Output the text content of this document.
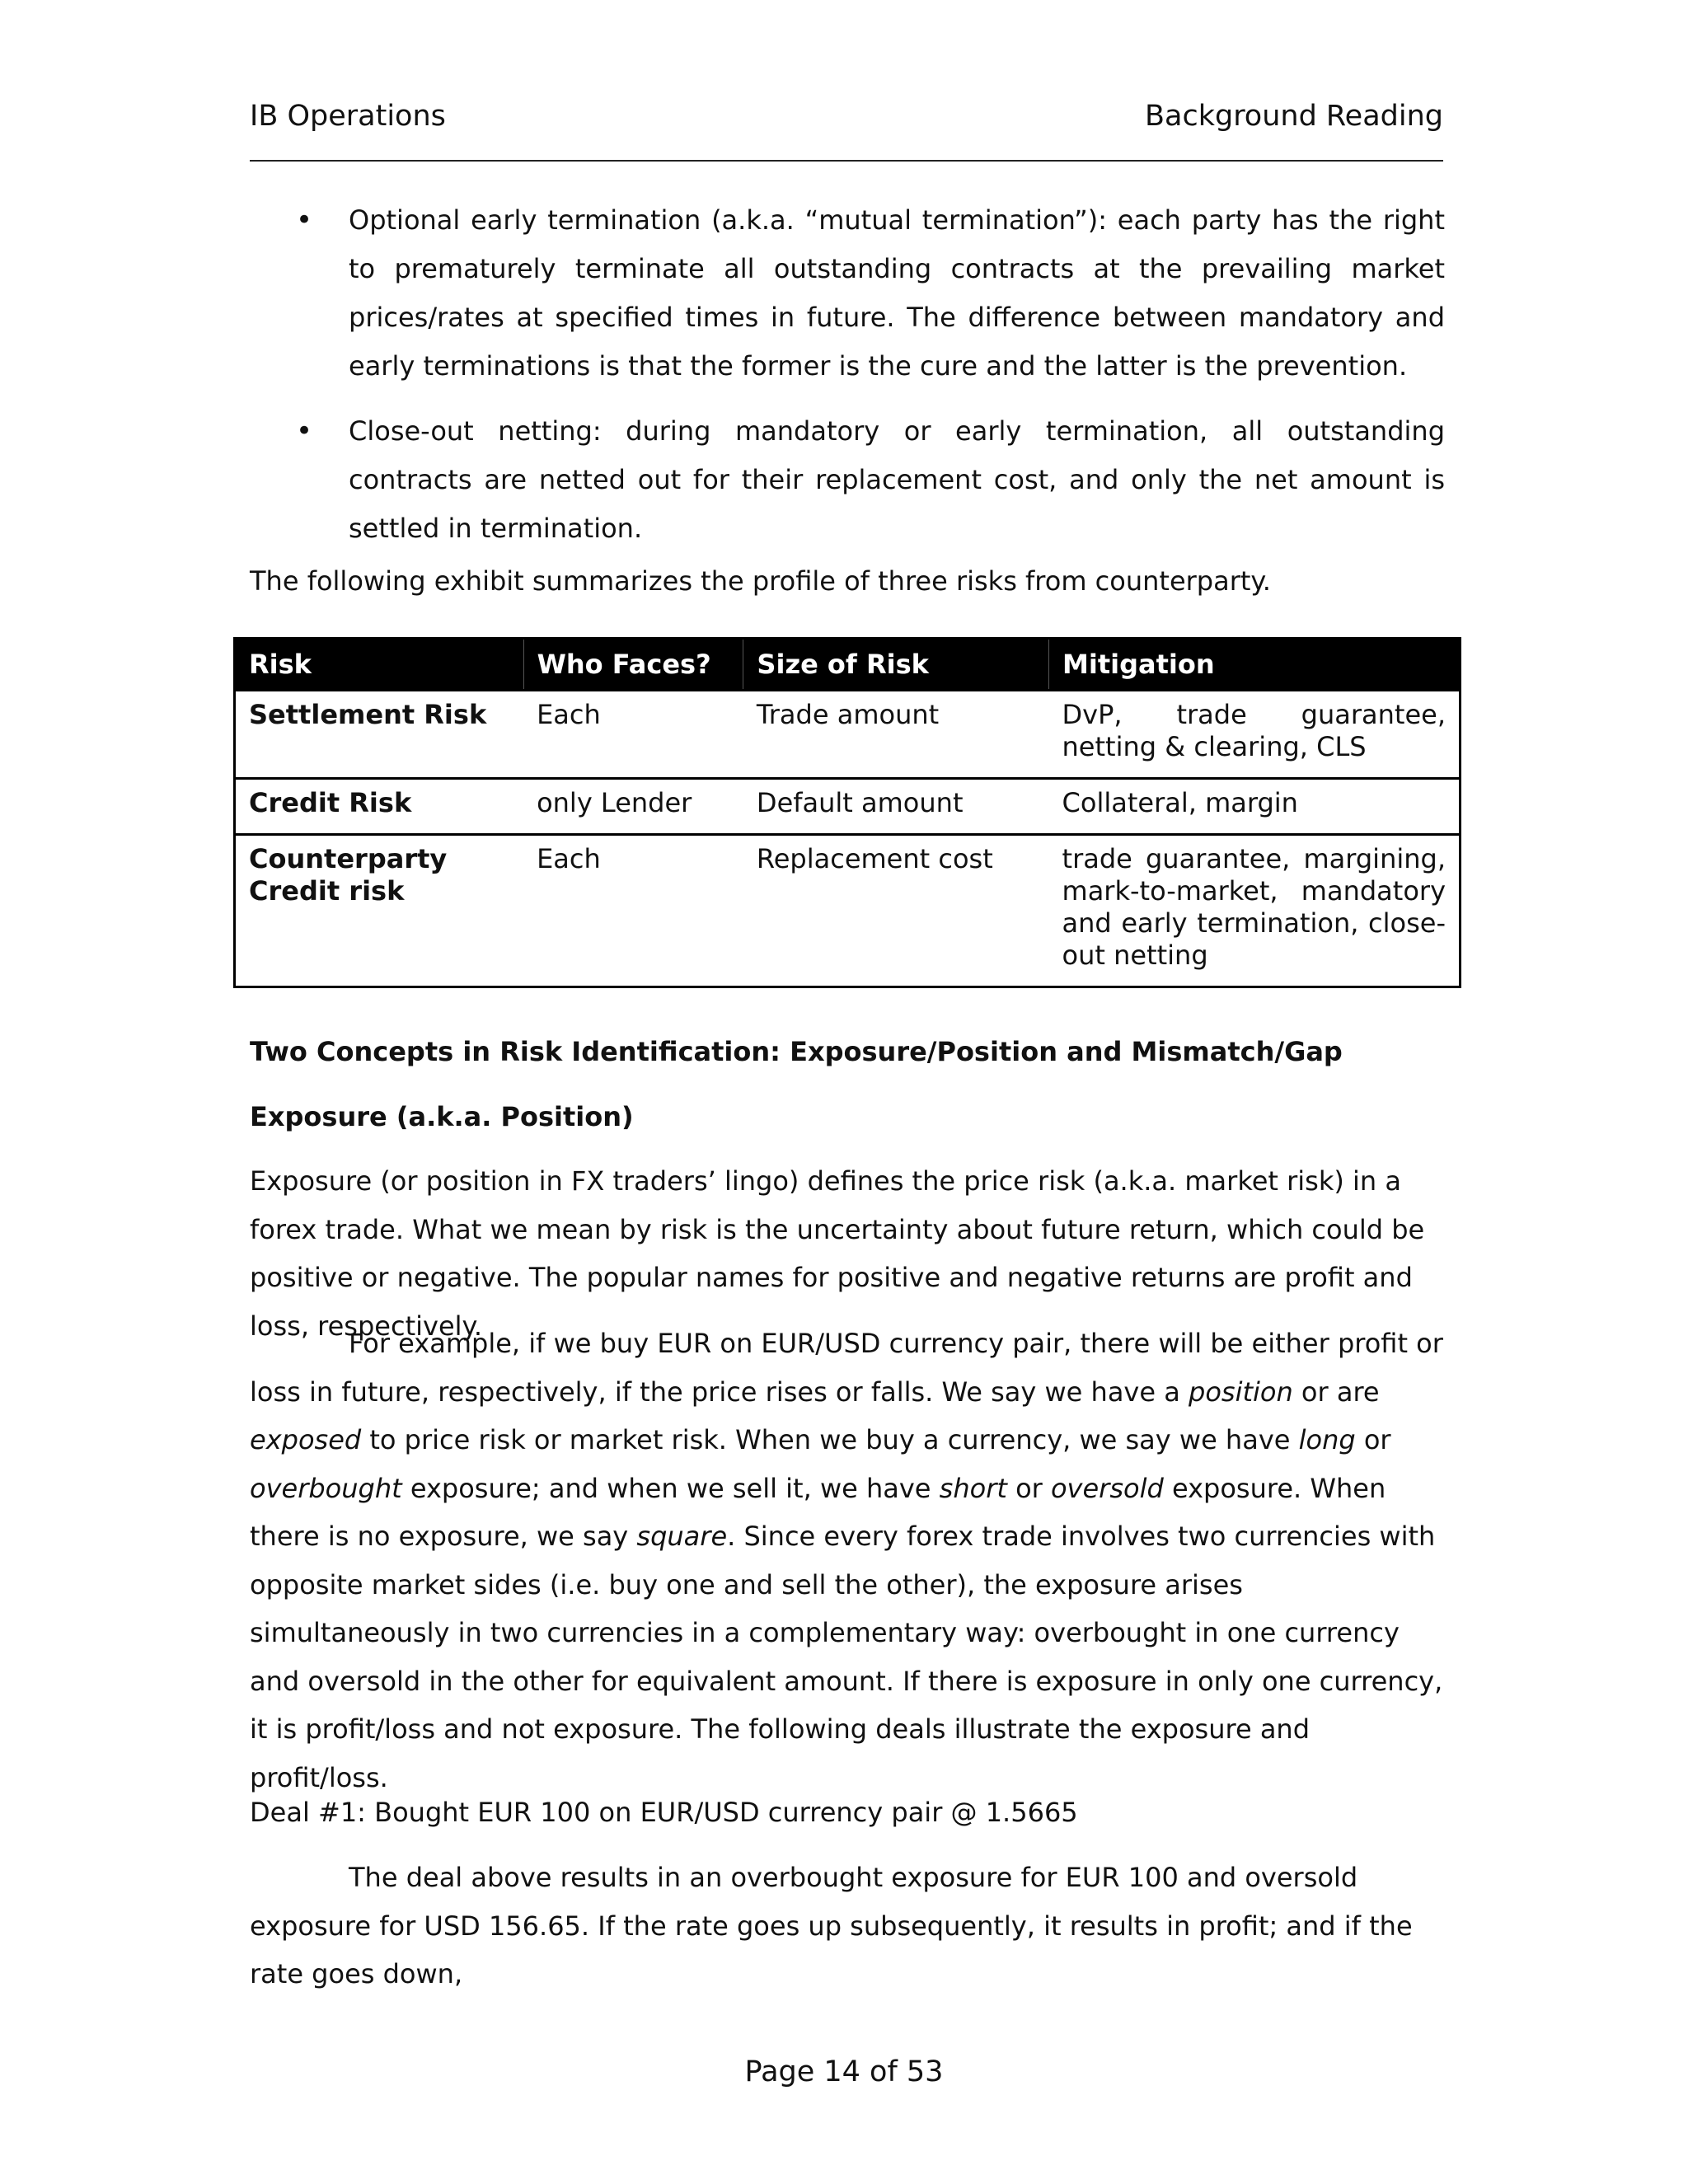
IB Operations	Background Reading
• Optional early termination (a.k.a. “mutual termination”): each party has the right to prematurely terminate all outstanding contracts at the prevailing market prices/rates at specified times in future. The difference between mandatory and early terminations is that the former is the cure and the latter is the prevention.
• Close-out netting: during mandatory or early termination, all outstanding contracts are netted out for their replacement cost, and only the net amount is settled in termination.

The following exhibit summarizes the profile of three risks from counterparty.

Risk	Who Faces?	Size of Risk	Mitigation
Settlement Risk	Each	Trade amount	DvP, trade guarantee, netting & clearing, CLS
Credit Risk	only Lender	Default amount	Collateral, margin
Counterparty Credit risk	Each	Replacement cost	trade guarantee, margining, mark-to-market, mandatory and early termination, close-out netting

Two Concepts in Risk Identification: Exposure/Position and Mismatch/Gap

Exposure (a.k.a. Position)

Exposure (or position in FX traders’ lingo) defines the price risk (a.k.a. market risk) in a forex trade. What we mean by risk is the uncertainty about future return, which could be positive or negative. The popular names for positive and negative returns are profit and loss, respectively.

For example, if we buy EUR on EUR/USD currency pair, there will be either profit or loss in future, respectively, if the price rises or falls. We say we have a position or are exposed to price risk or market risk. When we buy a currency, we say we have long or overbought exposure; and when we sell it, we have short or oversold exposure. When there is no exposure, we say square. Since every forex trade involves two currencies with opposite market sides (i.e. buy one and sell the other), the exposure arises simultaneously in two currencies in a complementary way: overbought in one currency and oversold in the other for equivalent amount. If there is exposure in only one currency, it is profit/loss and not exposure. The following deals illustrate the exposure and profit/loss.

Deal #1: Bought EUR 100 on EUR/USD currency pair @ 1.5665

The deal above results in an overbought exposure for EUR 100 and oversold exposure for USD 156.65. If the rate goes up subsequently, it results in profit; and if the rate goes down,

Page 14 of 53
